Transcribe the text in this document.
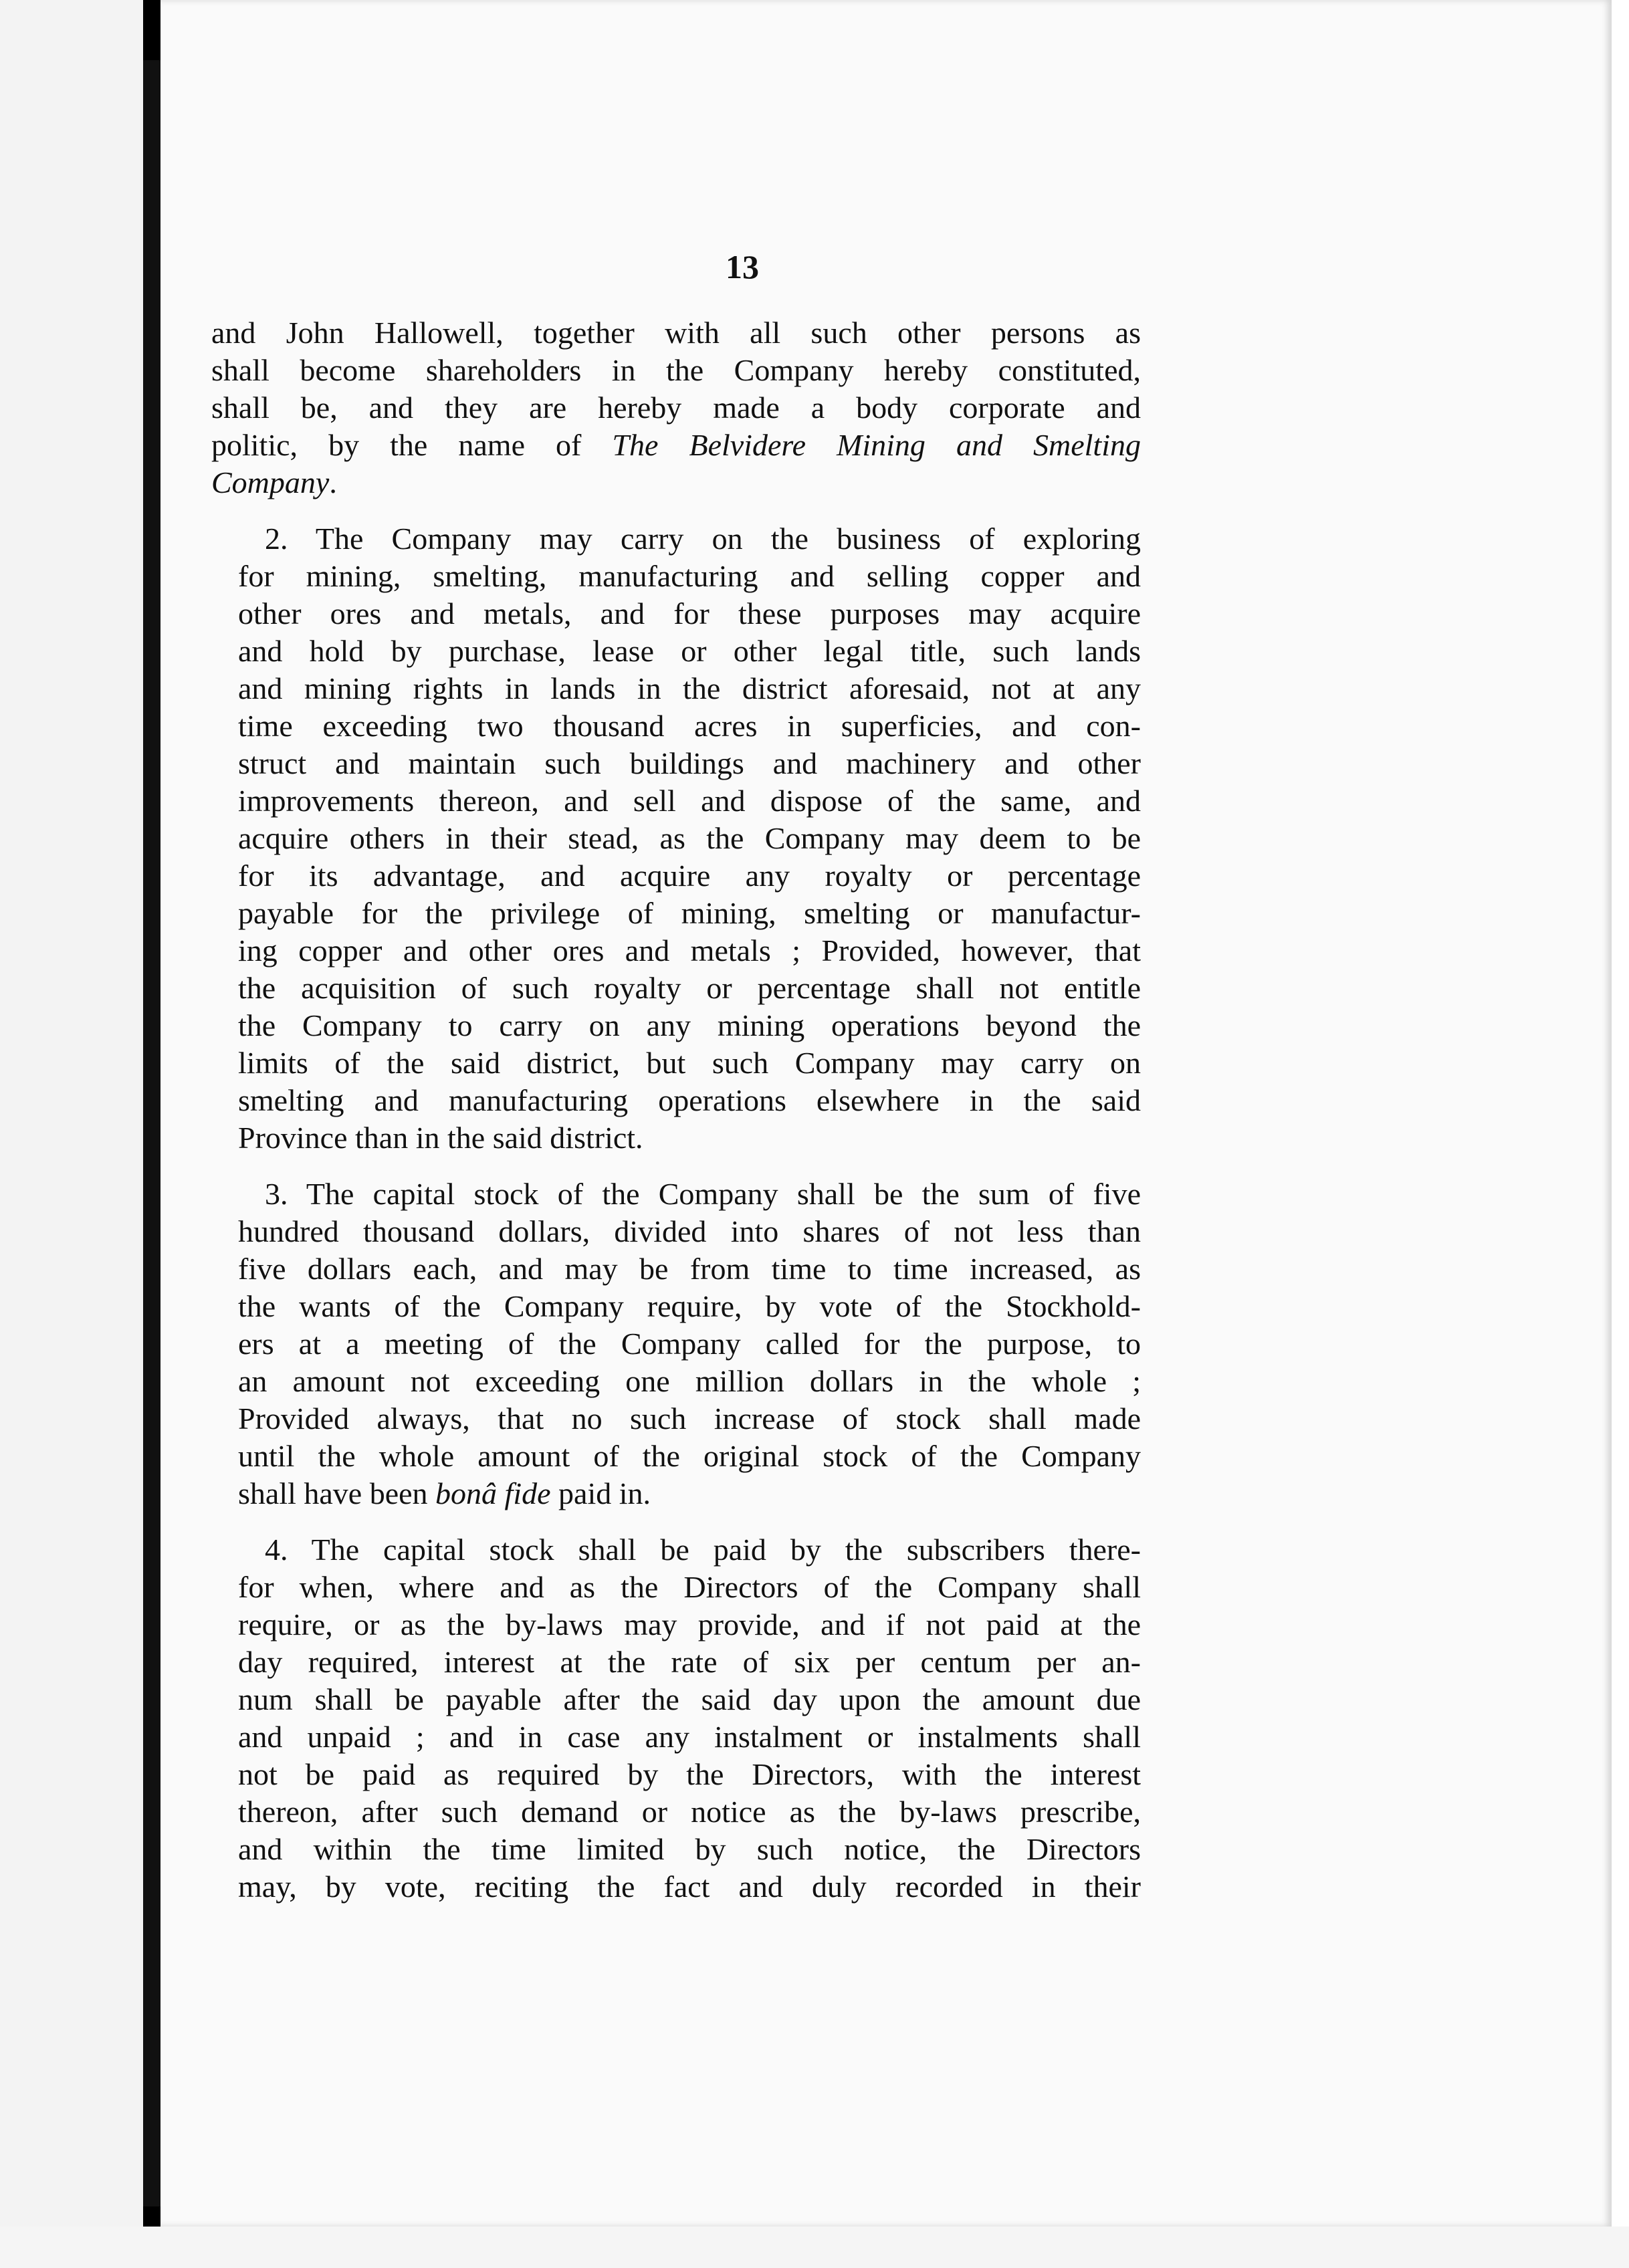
13
and John Hallowell, together with all such other persons as
shall become shareholders in the Company hereby constituted,
shall be, and they are hereby made a body corporate and
politic, by the name of The Belvidere Mining and Smelting
Company.
2. The Company may carry on the business of exploring
for mining, smelting, manufacturing and selling copper and
other ores and metals, and for these purposes may acquire
and hold by purchase, lease or other legal title, such lands
and mining rights in lands in the district aforesaid, not at any
time exceeding two thousand acres in superficies, and con-
struct and maintain such buildings and machinery and other
improvements thereon, and sell and dispose of the same, and
acquire others in their stead, as the Company may deem to be
for its advantage, and acquire any royalty or percentage
payable for the privilege of mining, smelting or manufactur-
ing copper and other ores and metals ; Provided, however, that
the acquisition of such royalty or percentage shall not entitle
the Company to carry on any mining operations beyond the
limits of the said district, but such Company may carry on
smelting and manufacturing operations elsewhere in the said
Province than in the said district.
3. The capital stock of the Company shall be the sum of five
hundred thousand dollars, divided into shares of not less than
five dollars each, and may be from time to time increased, as
the wants of the Company require, by vote of the Stockhold-
ers at a meeting of the Company called for the purpose, to
an amount not exceeding one million dollars in the whole ;
Provided always, that no such increase of stock shall made
until the whole amount of the original stock of the Company
shall have been bonâ fide paid in.
4. The capital stock shall be paid by the subscribers there-
for when, where and as the Directors of the Company shall
require, or as the by-laws may provide, and if not paid at the
day required, interest at the rate of six per centum per an-
num shall be payable after the said day upon the amount due
and unpaid ; and in case any instalment or instalments shall
not be paid as required by the Directors, with the interest
thereon, after such demand or notice as the by-laws prescribe,
and within the time limited by such notice, the Directors
may, by vote, reciting the fact and duly recorded in their
